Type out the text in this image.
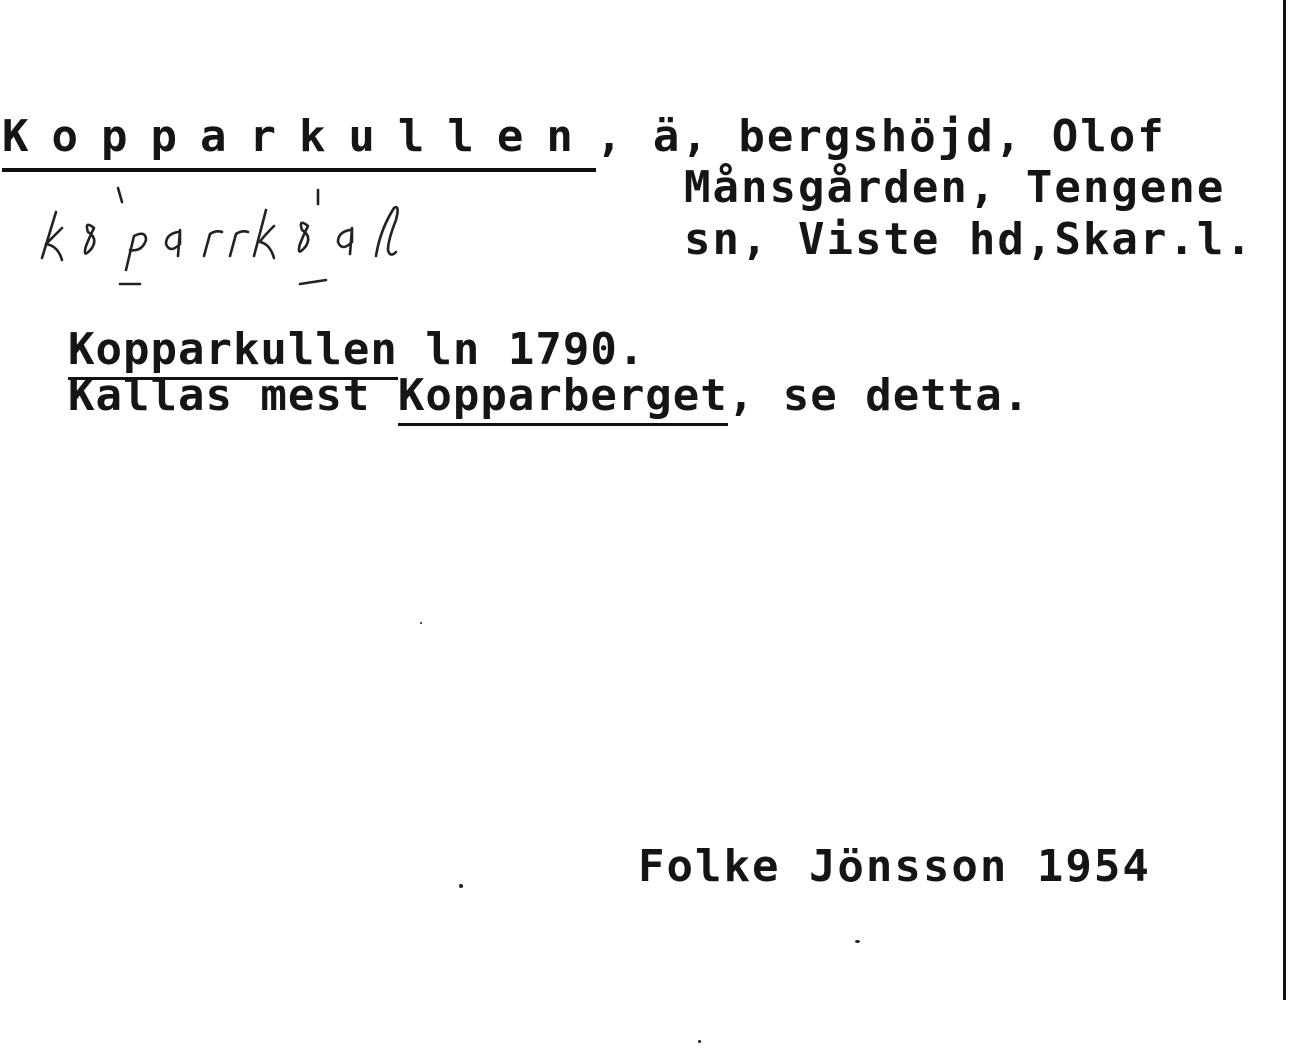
Kopparkullen, ä, bergshöjd, Olof
Månsgården, Tengene
sn, Viste hd,Skar.l.
Kopparkullen ln 1790.
Kallas mest Kopparberget, se detta.
Folke Jönsson 1954
